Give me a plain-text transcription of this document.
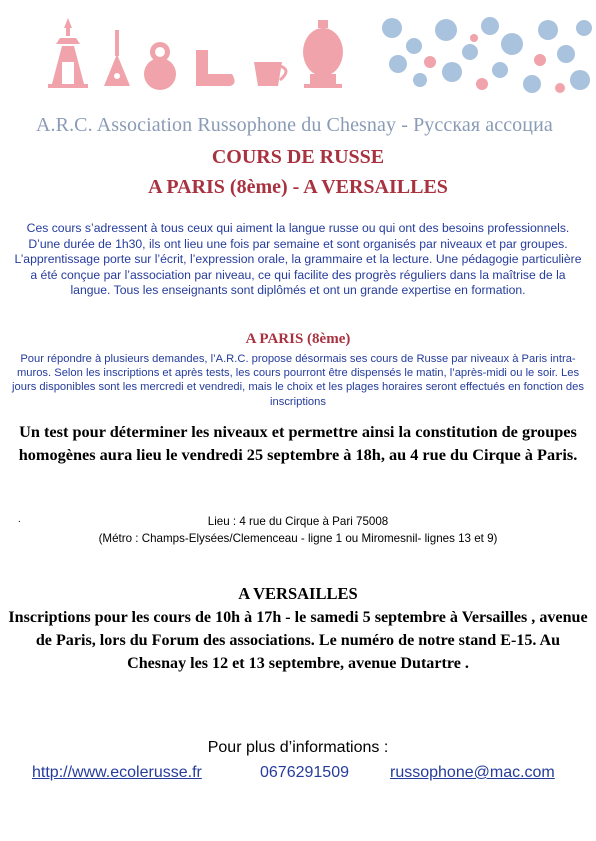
A.R.C. Association Russophone du Chesnay - Русская ассоциа
COURS DE RUSSE
A PARIS (8ème) - A VERSAILLES
Ces cours s’adressent à tous ceux qui aiment la langue russe ou qui ont des besoins professionnels. D’une durée de 1h30, ils ont lieu une fois par semaine et sont organisés par niveaux et par groupes. L’apprentissage porte sur l’écrit, l’expression orale, la grammaire et la lecture. Une pédagogie particulière a été conçue par l’association par niveau, ce qui facilite des progrès réguliers dans la maîtrise de la langue. Tous les enseignants sont diplômés et ont un grande expertise en formation.
A PARIS (8ème)
Pour répondre à plusieurs demandes, l’A.R.C. propose désormais ses cours de Russe par niveaux à Paris intra-muros. Selon les inscriptions et après tests, les cours pourront être dispensés le matin, l’après-midi ou le soir. Les jours disponibles sont les mercredi et vendredi, mais le choix et les plages horaires seront effectués en fonction des inscriptions
Un test pour déterminer les niveaux et permettre ainsi la constitution de groupes homogènes aura lieu le vendredi 25 septembre à 18h, au 4 rue du Cirque à Paris.
.	Lieu : 4 rue du Cirque à Pari 75008
(Métro : Champs-Elysées/Clemenceau - ligne 1 ou Miromesnil- lignes 13 et 9)
A VERSAILLES
Inscriptions pour les cours de 10h à 17h - le samedi 5 septembre à Versailles , avenue de Paris, lors du Forum des associations. Le numéro de notre stand E-15. Au Chesnay les 12 et 13 septembre, avenue Dutartre .
Pour plus d’informations :
http://www.ecolerusse.fr	0676291509	russophone@mac.com
